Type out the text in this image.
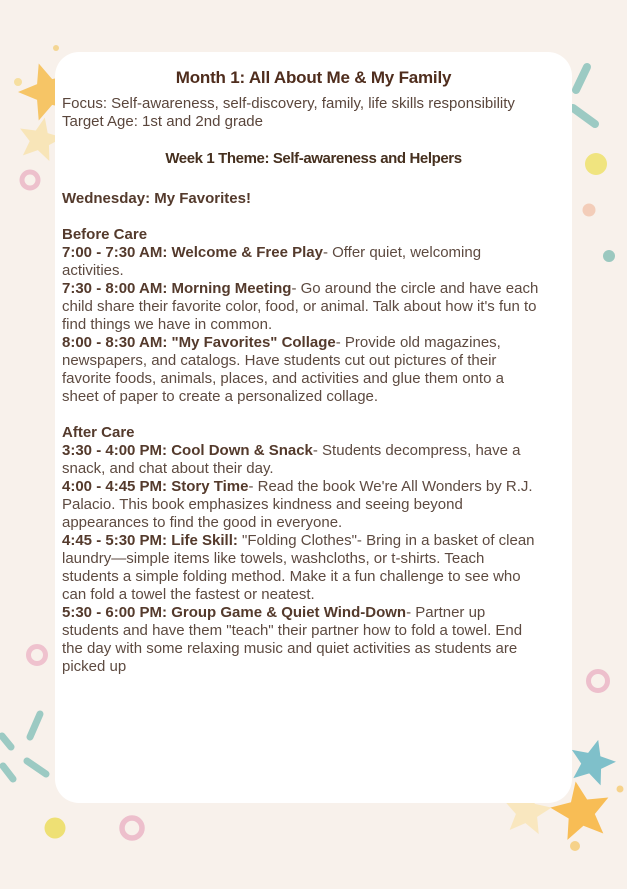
Month 1: All About Me & My Family

Focus: Self-awareness, self-discovery, family, life skills responsibility

Target Age: 1st and 2nd grade

Week 1 Theme: Self-awareness and Helpers
Wednesday: My Favorites!

Before Care

7:00 - 7:30 AM: Welcome & Free Play- Offer quiet, welcoming activities.

7:30 - 8:00 AM: Morning Meeting- Go around the circle and have each child share their favorite color, food, or animal. Talk about how it's fun to find things we have in common.

8:00 - 8:30 AM: "My Favorites" Collage- Provide old magazines, newspapers, and catalogs. Have students cut out pictures of their favorite foods, animals, places, and activities and glue them onto a sheet of paper to create a personalized collage.

After Care

3:30 - 4:00 PM: Cool Down & Snack- Students decompress, have a snack, and chat about their day.

4:00 - 4:45 PM: Story Time- Read the book We're All Wonders by R.J. Palacio. This book emphasizes kindness and seeing beyond appearances to find the good in everyone.

4:45 - 5:30 PM: Life Skill: "Folding Clothes"- Bring in a basket of clean laundry—simple items like towels, washcloths, or t-shirts. Teach students a simple folding method. Make it a fun challenge to see who can fold a towel the fastest or neatest.

5:30 - 6:00 PM: Group Game & Quiet Wind-Down- Partner up students and have them "teach" their partner how to fold a towel. End the day with some relaxing music and quiet activities as students are picked up
